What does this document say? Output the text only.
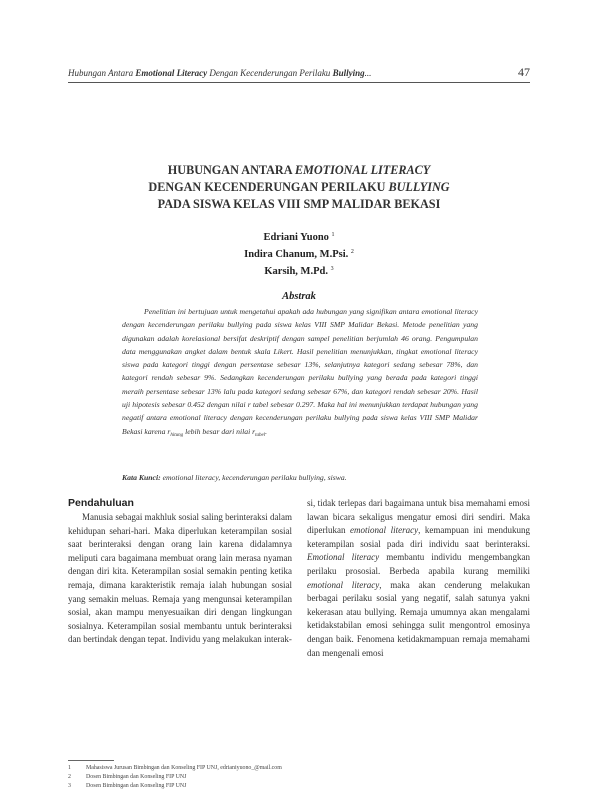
Hubungan Antara Emotional Literacy Dengan Kecenderungan Perilaku Bullying...	47
HUBUNGAN ANTARA EMOTIONAL LITERACY
DENGAN KECENDERUNGAN PERILAKU BULLYING
PADA SISWA KELAS VIII SMP MALIDAR BEKASI
Edriani Yuono $^1$
Indira Chanum, M.Psi. $^2$
Karsih, M.Pd. $^3$
Abstrak
Penelitian ini bertujuan untuk mengetahui apakah ada hubungan yang signifikan antara emotional literacy dengan kecenderungan perilaku bullying pada siswa kelas VIII SMP Malidar Bekasi. Metode penelitian yang digunakan adalah korelasional bersifat deskriptif dengan sampel penelitian berjumlah 46 orang. Pengumpulan data menggunakan angket dalam bentuk skala Likert. Hasil penelitian menunjukkan, tingkat emotional literacy siswa pada kategori tinggi dengan persentase sebesar 13%, selanjutnya kategori sedang sebesar 78%, dan kategori rendah sebesar 9%. Sedangkan kecenderungan perilaku bullying yang berada pada kategori tinggi meraih persentase sebesar 13% lalu pada kategori sedang sebesar 67%, dan kategori rendah sebesar 20%. Hasil uji hipotesis sebesar 0.452 dengan nilai r tabel sebesar 0.297. Maka hal ini menunjukkan terdapat hubungan yang negatif antara emotional literacy dengan kecenderungan perilaku bullying pada siswa kelas VIII SMP Malidar Bekasi karena $r_{hitung}$ lebih besar dari nilai $r_{tabel}$.
Kata Kunci: emotional literacy, kecenderungan perilaku bullying, siswa.
Pendahuluan
Manusia sebagai makhluk sosial saling berinteraksi dalam kehidupan sehari-hari. Maka diperlukan keterampilan sosial saat berinteraksi dengan orang lain karena didalamnya meliputi cara bagaimana membuat orang lain merasa nyaman dengan diri kita. Keterampilan sosial semakin penting ketika remaja, dimana karakteristik remaja ialah hubungan sosial yang semakin meluas. Remaja yang mengunsai keterampilan sosial, akan mampu menyesuaikan diri dengan lingkungan sosialnya. Keterampilan sosial membantu untuk berinteraksi dan bertindak dengan tepat. Individu yang melakukan interak-
si, tidak terlepas dari bagaimana untuk bisa memahami emosi lawan bicara sekaligus mengatur emosi diri sendiri. Maka diperlukan emotional literacy, kemampuan ini mendukung keterampilan sosial pada diri individu saat berinteraksi. Emotional literacy membantu individu mengembangkan perilaku prososial. Berbeda apabila kurang memiliki emotional literacy, maka akan cenderung melakukan berbagai perilaku sosial yang negatif, salah satunya yakni kekerasan atau bullying. Remaja umumnya akan mengalami ketidakstabilan emosi sehingga sulit mengontrol emosinya dengan baik. Fenomena ketidakmampuan remaja memahami dan mengenali emosi
1	Mahasiswa Jurusan Bimbingan dan Konseling FIP UNJ, edrianiyuono_@mail.com
2	Dosen Bimbingan dan Konseling FIP UNJ
3	Dosen Bimbingan dan Konseling FIP UNJ
